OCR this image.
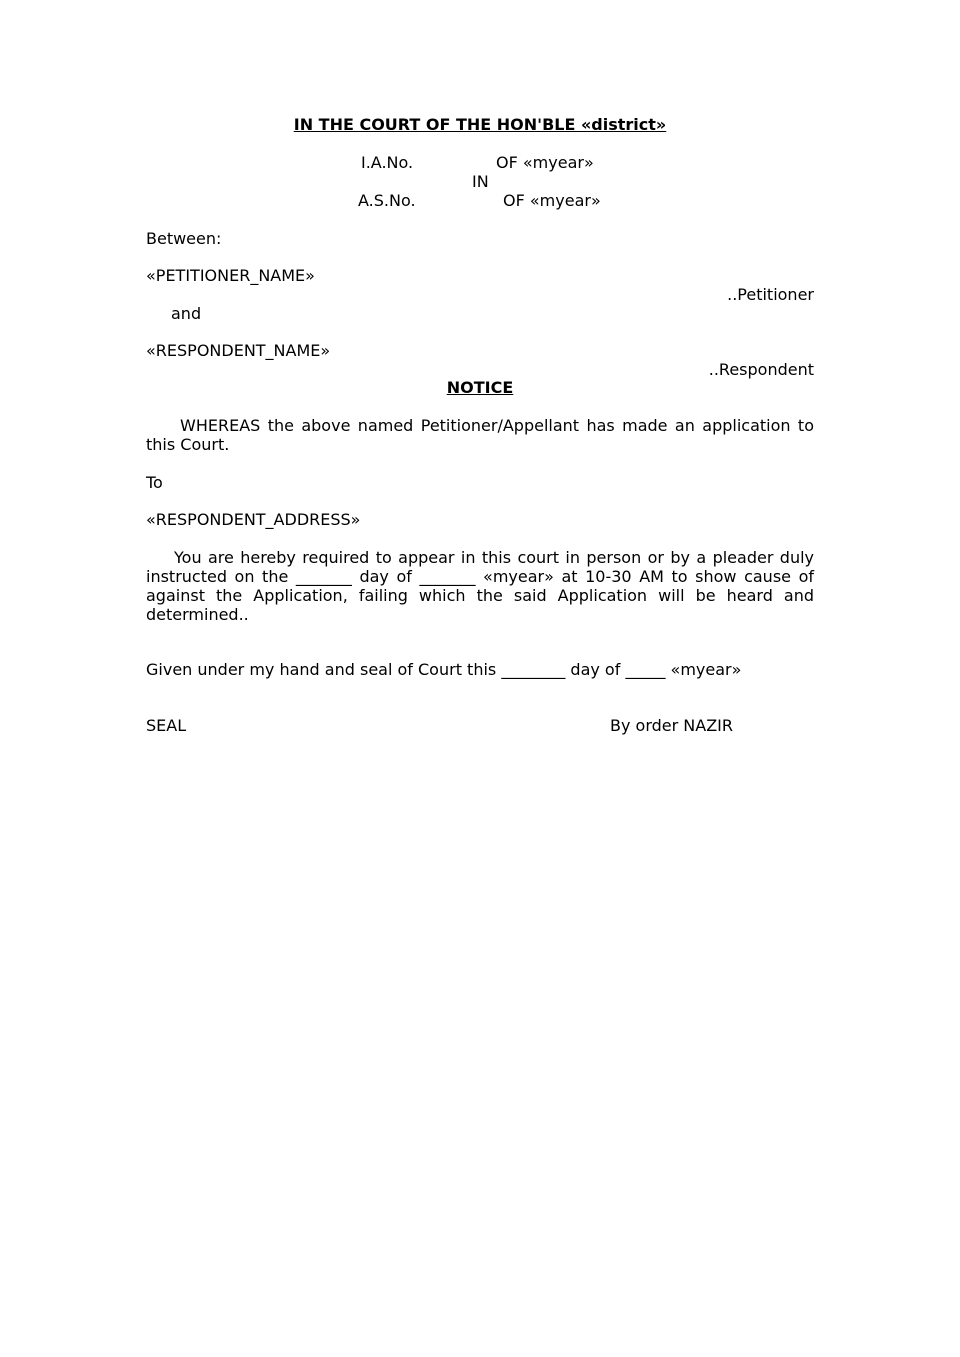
IN THE COURT OF THE HON'BLE «district»
I.A.No.	OF «myear»
IN
A.S.No.	OF «myear»
Between:
«PETITIONER_NAME»
..Petitioner
and
«RESPONDENT_NAME»
..Respondent
NOTICE
WHEREAS the above named Petitioner/Appellant has made an application to this Court.
To
«RESPONDENT_ADDRESS»
You are hereby required to appear in this court in person or by a pleader duly instructed on the _______ day of _______ «myear» at 10-30 AM to show cause of against the Application, failing which the said Application will be heard and determined..
Given under my hand and seal of Court this ________ day of _____ «myear»
SEAL	By order NAZIR
